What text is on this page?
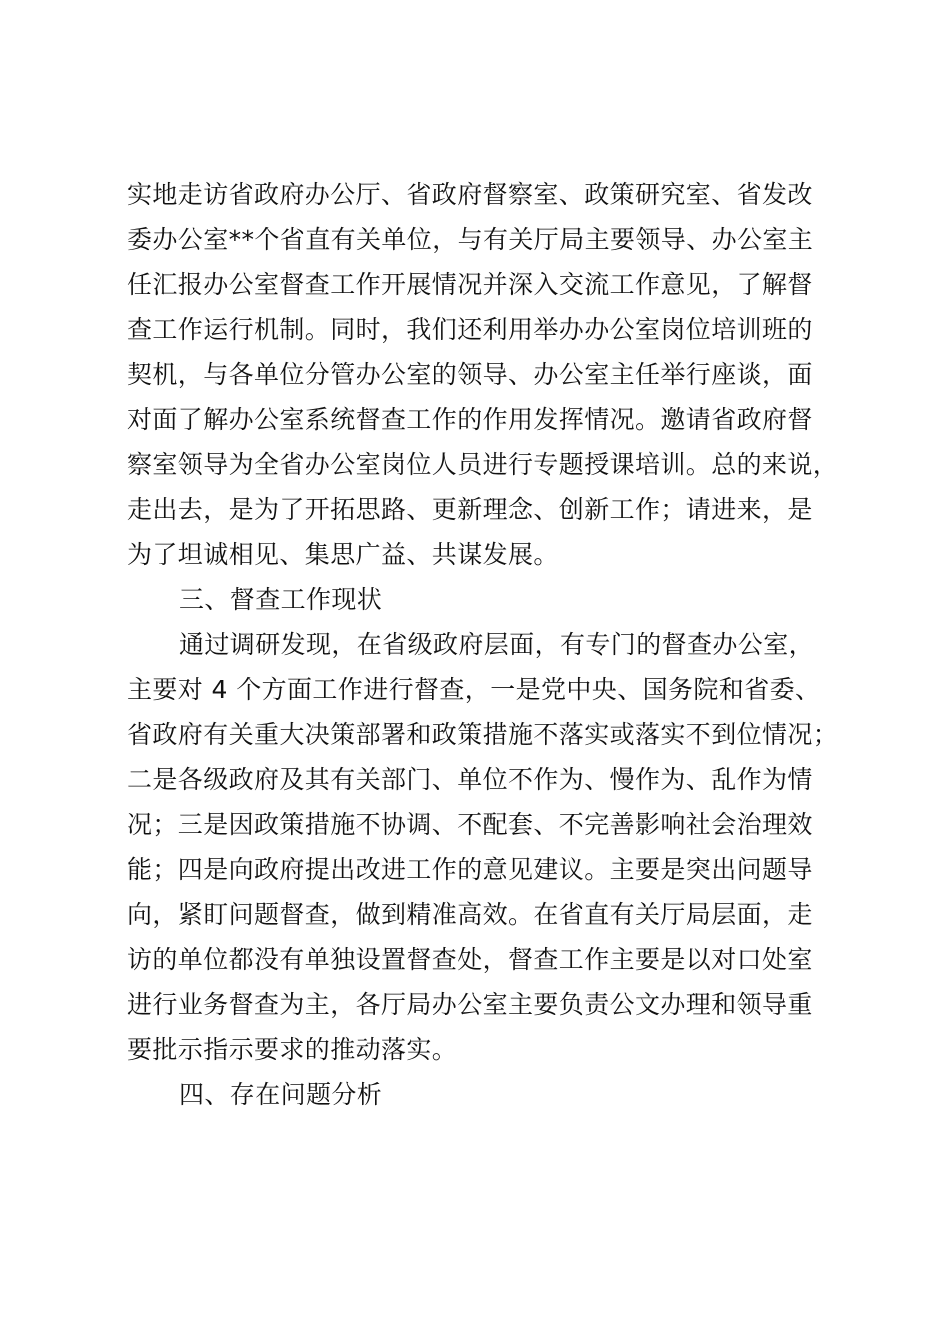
实地走访省政府办公厅、省政府督察室、政策研究室、省发改
委办公室**个省直有关单位，与有关厅局主要领导、办公室主
任汇报办公室督查工作开展情况并深入交流工作意见，了解督
查工作运行机制。同时，我们还利用举办办公室岗位培训班的
契机，与各单位分管办公室的领导、办公室主任举行座谈，面
对面了解办公室系统督查工作的作用发挥情况。邀请省政府督
察室领导为全省办公室岗位人员进行专题授课培训。总的来说，
走出去，是为了开拓思路、更新理念、创新工作；请进来，是
为了坦诚相见、集思广益、共谋发展。
三、督查工作现状
通过调研发现，在省级政府层面，有专门的督查办公室，
主要对 4 个方面工作进行督查，一是党中央、国务院和省委、
省政府有关重大决策部署和政策措施不落实或落实不到位情况；
二是各级政府及其有关部门、单位不作为、慢作为、乱作为情
况；三是因政策措施不协调、不配套、不完善影响社会治理效
能；四是向政府提出改进工作的意见建议。主要是突出问题导
向，紧盯问题督查，做到精准高效。在省直有关厅局层面，走
访的单位都没有单独设置督查处，督查工作主要是以对口处室
进行业务督查为主，各厅局办公室主要负责公文办理和领导重
要批示指示要求的推动落实。
四、存在问题分析
